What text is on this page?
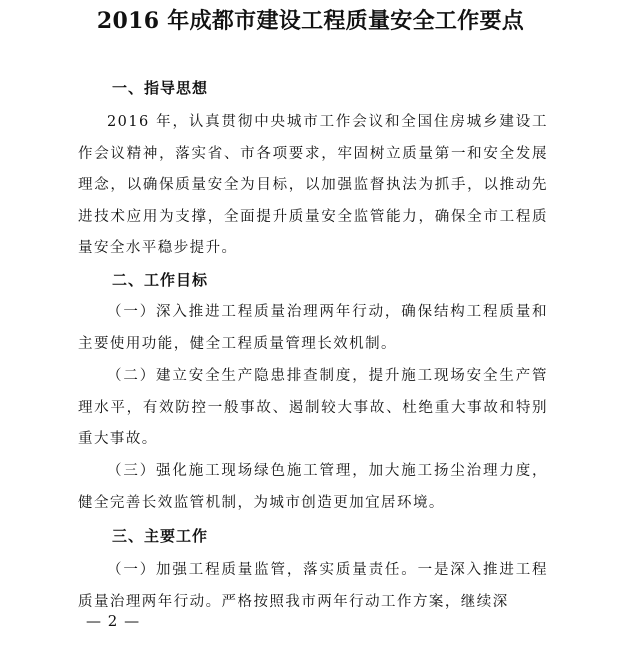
2016 年成都市建设工程质量安全工作要点
一、指导思想
2016 年，认真贯彻中央城市工作会议和全国住房城乡建设工作会议精神，落实省、市各项要求，牢固树立质量第一和安全发展理念，以确保质量安全为目标，以加强监督执法为抓手，以推动先进技术应用为支撑，全面提升质量安全监管能力，确保全市工程质量安全水平稳步提升。
二、工作目标
（一）深入推进工程质量治理两年行动，确保结构工程质量和主要使用功能，健全工程质量管理长效机制。
（二）建立安全生产隐患排查制度，提升施工现场安全生产管理水平，有效防控一般事故、遏制较大事故、杜绝重大事故和特别重大事故。
（三）强化施工现场绿色施工管理，加大施工扬尘治理力度，健全完善长效监管机制，为城市创造更加宜居环境。
三、主要工作
（一）加强工程质量监管，落实质量责任。一是深入推进工程质量治理两年行动。严格按照我市两年行动工作方案，继续深
— 2 —
